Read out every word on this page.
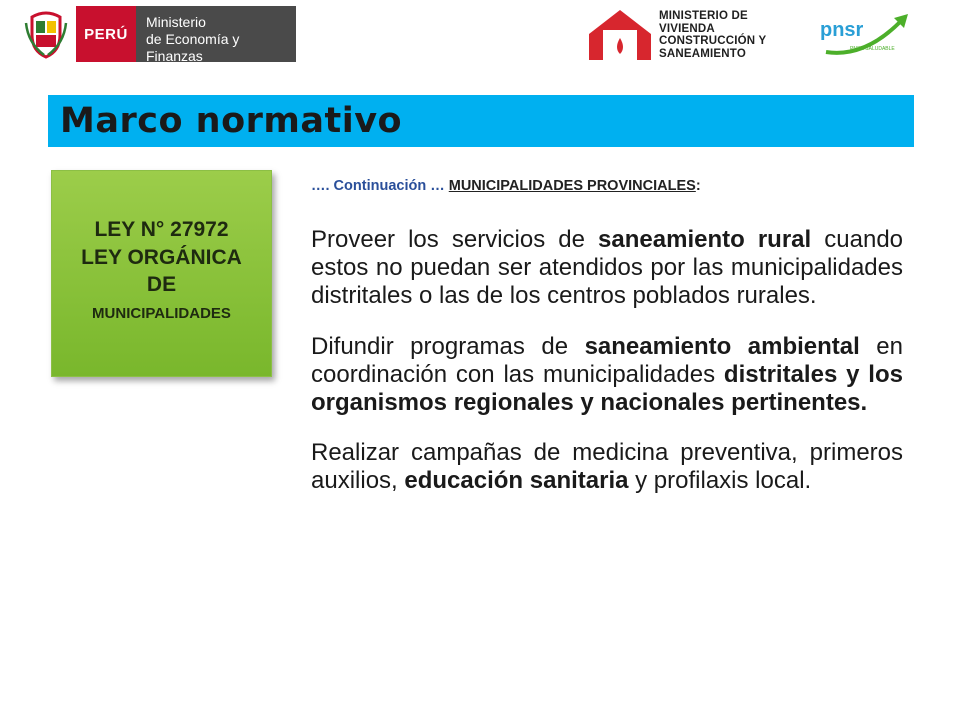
PERÚ
Ministerio
de Economía y Finanzas
MINISTERIO DE
VIVIENDA
CONSTRUCCIÓN Y
SANEAMIENTO
pnsr
PNSR SALUDABLE
Marco normativo
LEY N° 27972
LEY ORGÁNICA
DE
MUNICIPALIDADES
…. Continuación … MUNICIPALIDADES PROVINCIALES:

Proveer los servicios de saneamiento rural cuando estos no puedan ser atendidos por las municipalidades distritales o las de los centros poblados rurales.

Difundir programas de saneamiento ambiental en coordinación con las municipalidades distritales y los organismos regionales y nacionales pertinentes.

Realizar campañas de medicina preventiva, primeros auxilios, educación sanitaria y profilaxis local.
